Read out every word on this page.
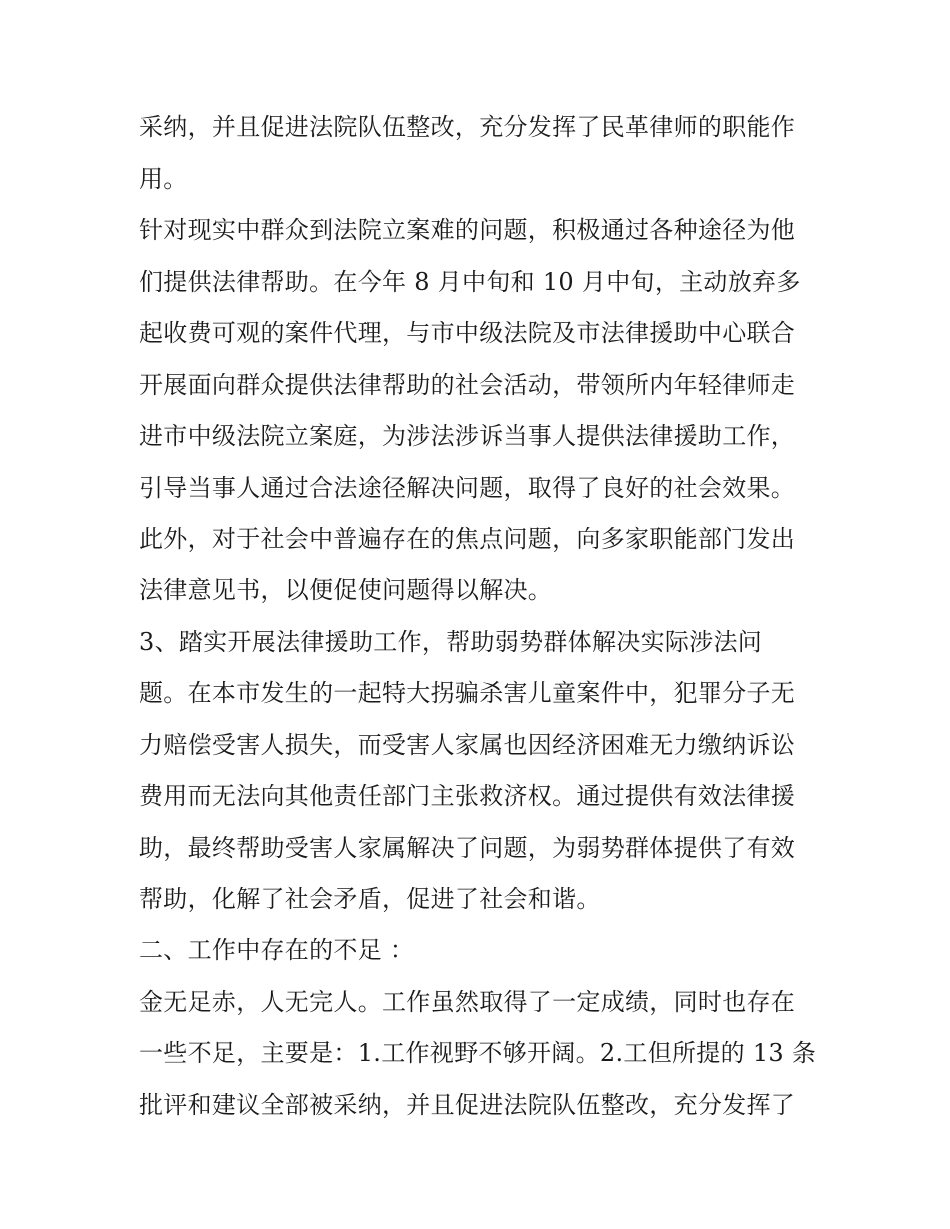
采纳，并且促进法院队伍整改，充分发挥了民革律师的职能作
用。
针对现实中群众到法院立案难的问题，积极通过各种途径为他
们提供法律帮助。在今年 8 月中旬和 10 月中旬，主动放弃多
起收费可观的案件代理，与市中级法院及市法律援助中心联合
开展面向群众提供法律帮助的社会活动，带领所内年轻律师走
进市中级法院立案庭，为涉法涉诉当事人提供法律援助工作，
引导当事人通过合法途径解决问题，取得了良好的社会效果。
此外，对于社会中普遍存在的焦点问题，向多家职能部门发出
法律意见书，以便促使问题得以解决。
3、踏实开展法律援助工作，帮助弱势群体解决实际涉法问
题。在本市发生的一起特大拐骗杀害儿童案件中，犯罪分子无
力赔偿受害人损失，而受害人家属也因经济困难无力缴纳诉讼
费用而无法向其他责任部门主张救济权。通过提供有效法律援
助，最终帮助受害人家属解决了问题，为弱势群体提供了有效
帮助，化解了社会矛盾，促进了社会和谐。
二、工作中存在的不足 ：
金无足赤，人无完人。工作虽然取得了一定成绩，同时也存在
一些不足，主要是：1.工作视野不够开阔。2.工但所提的 13 条
批评和建议全部被采纳，并且促进法院队伍整改，充分发挥了
